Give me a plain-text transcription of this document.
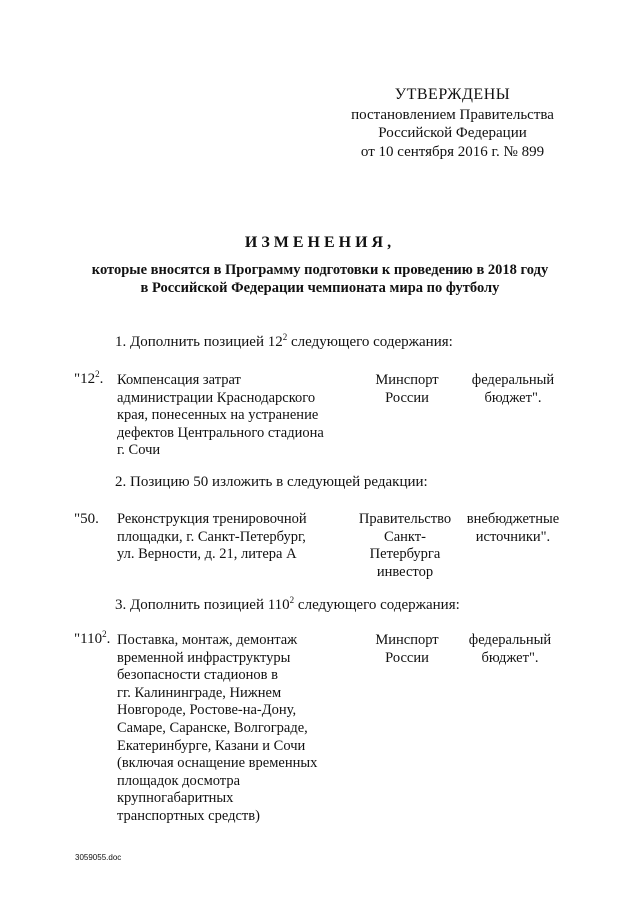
УТВЕРЖДЕНЫ
постановлением Правительства
Российской Федерации
от 10 сентября 2016 г. № 899
ИЗМЕНЕНИЯ,
которые вносятся в Программу подготовки к проведению в 2018 году
в Российской Федерации чемпионата мира по футболу
1. Дополнить позицией $12^2$ следующего содержания:
"$12^2$. Компенсация затрат
администрации Краснодарского
края, понесенных на устранение
дефектов Центрального стадиона
г. Сочи
Минспорт
России
федеральный
бюджет".
2. Позицию 50 изложить в следующей редакции:
"50. Реконструкция тренировочной
площадки, г. Санкт-Петербург,
ул. Верности, д. 21, литера А
Правительство
Санкт-
Петербурга
инвестор
внебюджетные
источники".
3. Дополнить позицией $110^2$ следующего содержания:
"$110^2$. Поставка, монтаж, демонтаж
временной инфраструктуры
безопасности стадионов в
гг. Калининграде, Нижнем
Новгороде, Ростове-на-Дону,
Самаре, Саранске, Волгограде,
Екатеринбурге, Казани и Сочи
(включая оснащение временных
площадок досмотра
крупногабаритных
транспортных средств)
Минспорт
России
федеральный
бюджет".
3059055.doc
